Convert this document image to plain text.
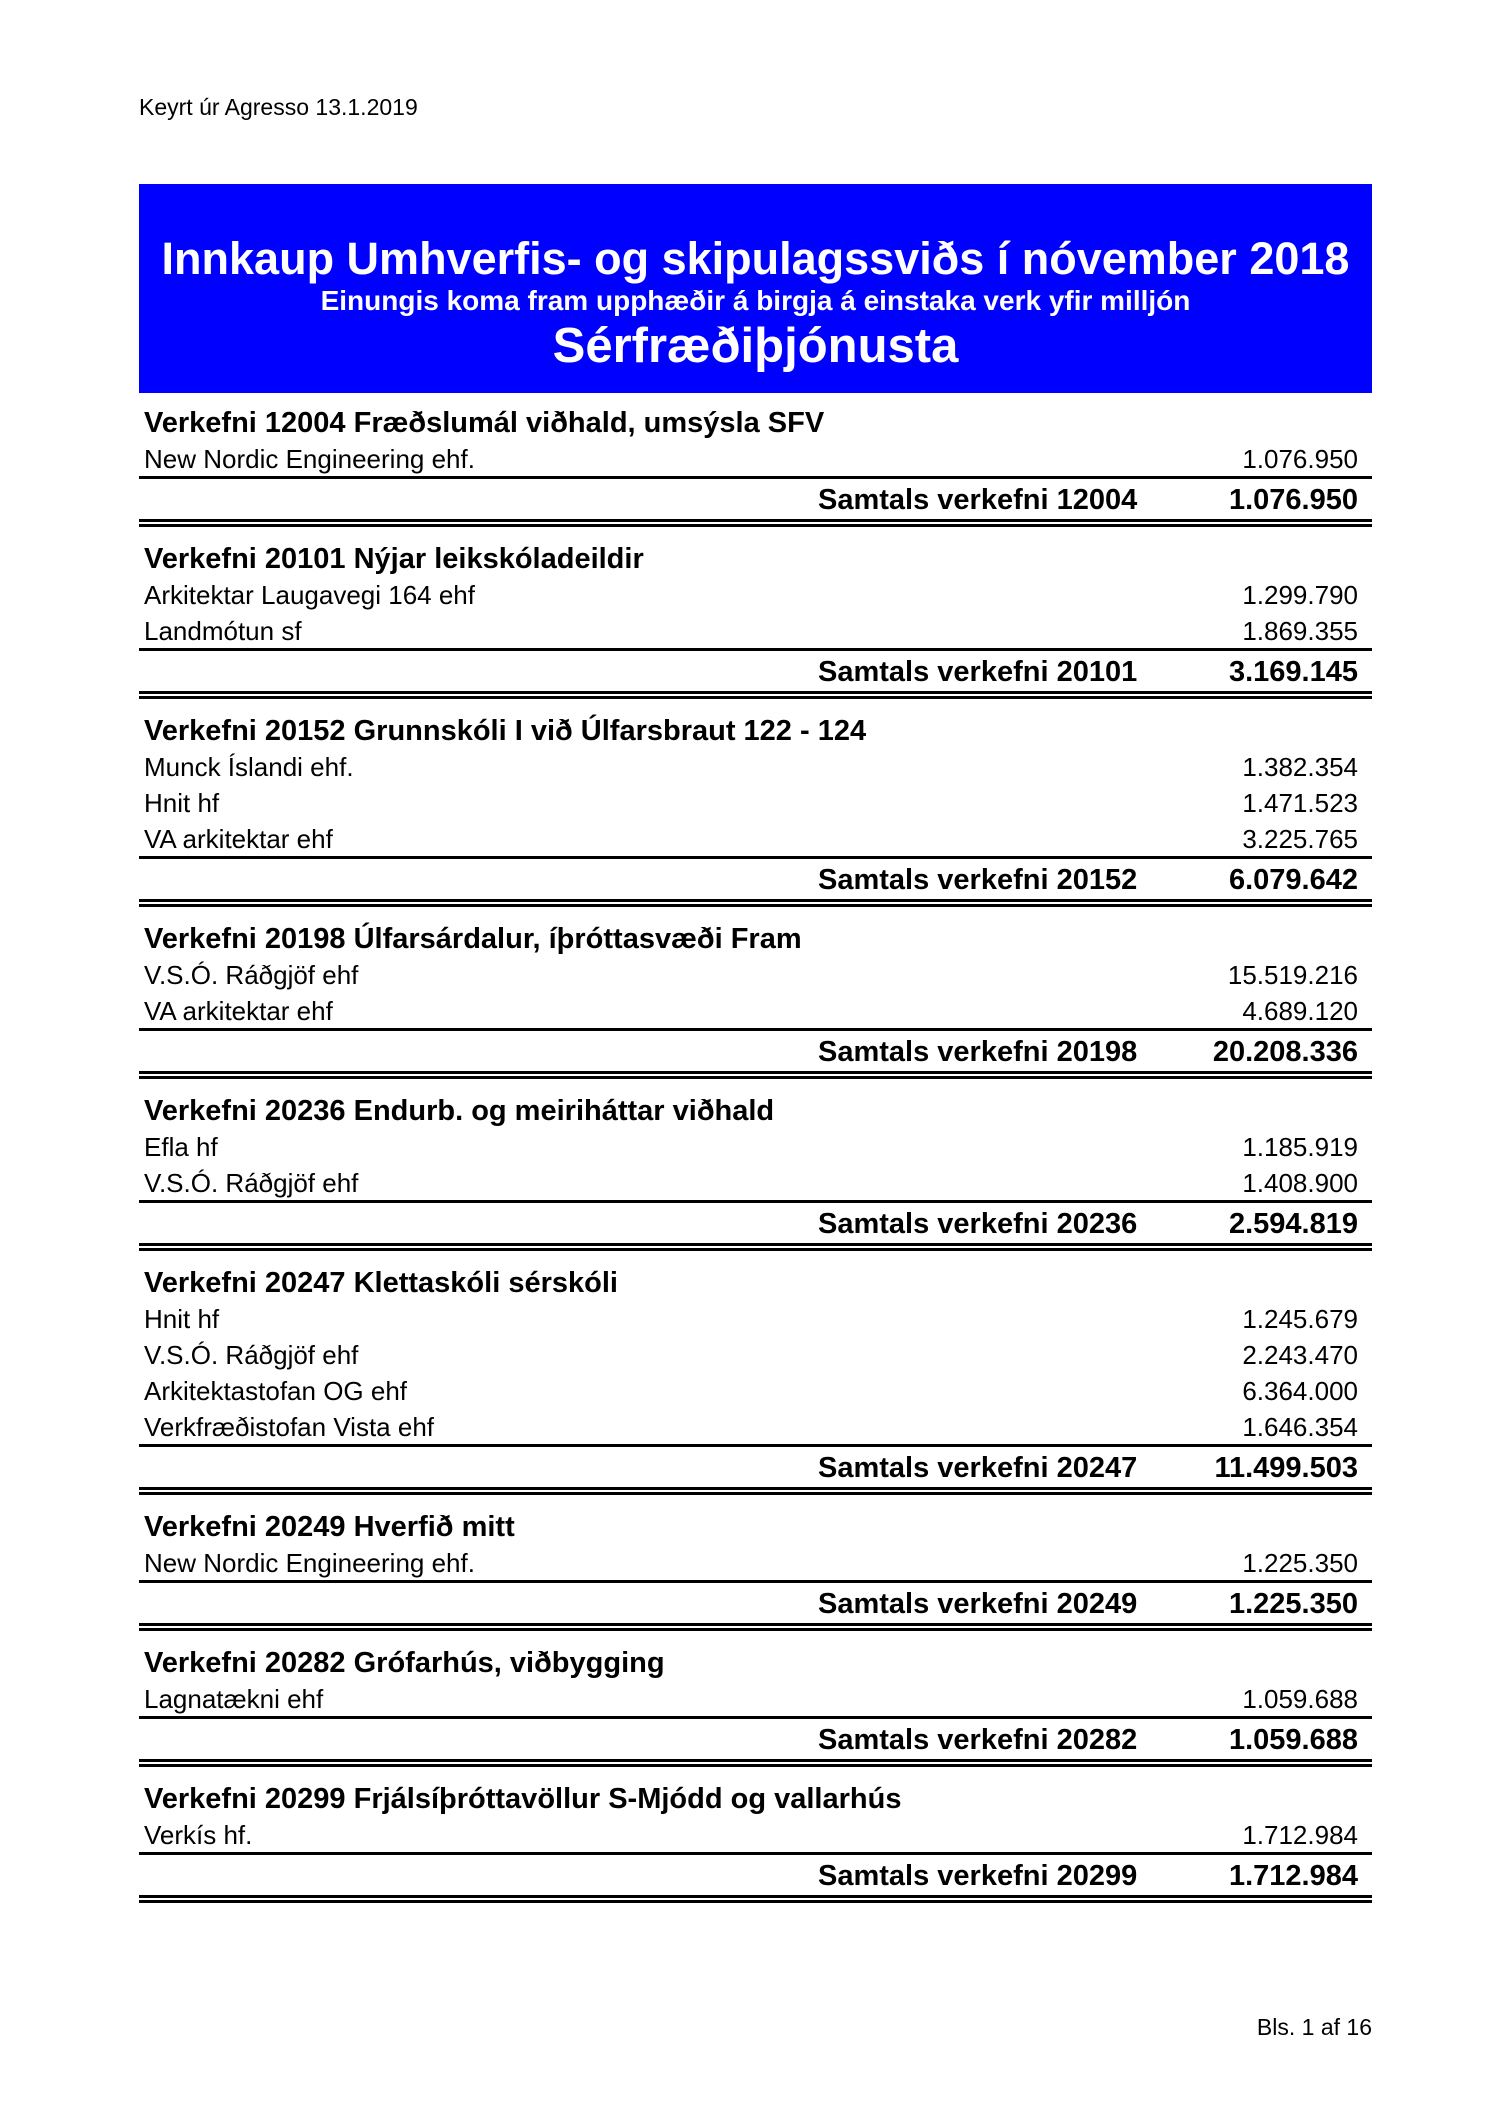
Keyrt úr Agresso 13.1.2019
Innkaup Umhverfis- og skipulagssviðs í nóvember 2018
Einungis koma fram upphæðir á birgja á einstaka verk yfir milljón
Sérfræðiþjónusta
Verkefni 12004 Fræðslumál viðhald, umsýsla SFV
New Nordic Engineering ehf.	1.076.950
Samtals verkefni 12004	1.076.950
Verkefni 20101 Nýjar leikskóladeildir
Arkitektar Laugavegi 164 ehf	1.299.790
Landmótun sf	1.869.355
Samtals verkefni 20101	3.169.145
Verkefni 20152 Grunnskóli I við Úlfarsbraut 122 - 124
Munck Íslandi ehf.	1.382.354
Hnit hf	1.471.523
VA arkitektar ehf	3.225.765
Samtals verkefni 20152	6.079.642
Verkefni 20198 Úlfarsárdalur, íþróttasvæði Fram
V.S.Ó. Ráðgjöf ehf	15.519.216
VA arkitektar ehf	4.689.120
Samtals verkefni 20198	20.208.336
Verkefni 20236 Endurb. og meiriháttar viðhald
Efla hf	1.185.919
V.S.Ó. Ráðgjöf ehf	1.408.900
Samtals verkefni 20236	2.594.819
Verkefni 20247 Klettaskóli sérskóli
Hnit hf	1.245.679
V.S.Ó. Ráðgjöf ehf	2.243.470
Arkitektastofan OG ehf	6.364.000
Verkfræðistofan Vista ehf	1.646.354
Samtals verkefni 20247	11.499.503
Verkefni 20249 Hverfið mitt
New Nordic Engineering ehf.	1.225.350
Samtals verkefni 20249	1.225.350
Verkefni 20282 Grófarhús, viðbygging
Lagnatækni ehf	1.059.688
Samtals verkefni 20282	1.059.688
Verkefni 20299 Frjálsíþróttavöllur S-Mjódd og vallarhús
Verkís hf.	1.712.984
Samtals verkefni 20299	1.712.984
Bls. 1 af 16
